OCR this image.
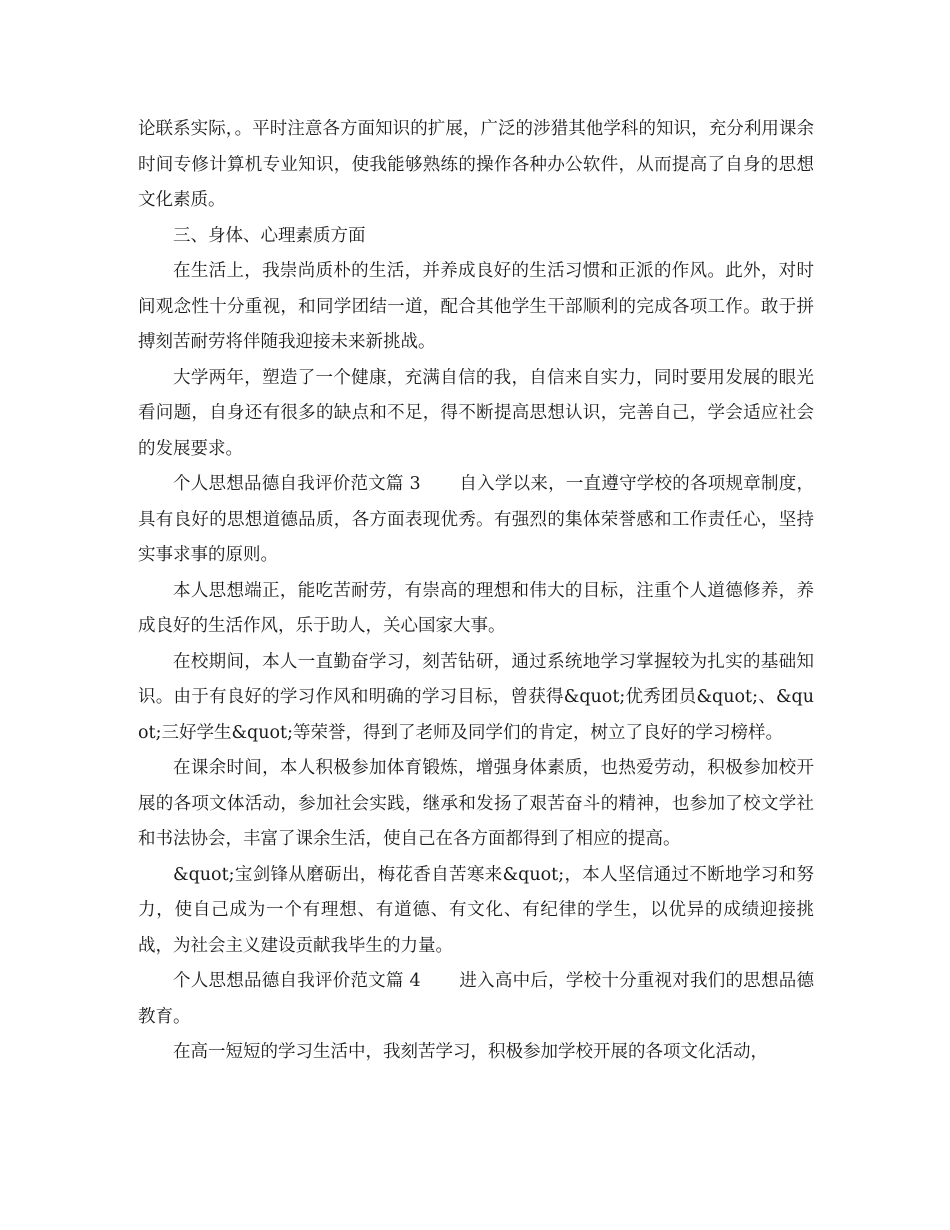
论联系实际，。平时注意各方面知识的扩展，广泛的涉猎其他学科的知识，充分利用课余时间专修计算机专业知识，使我能够熟练的操作各种办公软件，从而提高了自身的思想文化素质。

三、身体、心理素质方面

在生活上，我崇尚质朴的生活，并养成良好的生活习惯和正派的作风。此外，对时间观念性十分重视，和同学团结一道，配合其他学生干部顺利的完成各项工作。敢于拼搏刻苦耐劳将伴随我迎接未来新挑战。

大学两年，塑造了一个健康，充满自信的我，自信来自实力，同时要用发展的眼光看问题，自身还有很多的缺点和不足，得不断提高思想认识，完善自己，学会适应社会的发展要求。

个人思想品德自我评价范文篇 3 自入学以来，一直遵守学校的各项规章制度，具有良好的思想道德品质，各方面表现优秀。有强烈的集体荣誉感和工作责任心，坚持实事求事的原则。

本人思想端正，能吃苦耐劳，有崇高的理想和伟大的目标，注重个人道德修养，养成良好的生活作风，乐于助人，关心国家大事。

在校期间，本人一直勤奋学习，刻苦钻研，通过系统地学习掌握较为扎实的基础知识。由于有良好的学习作风和明确的学习目标，曾获得&quot;优秀团员&quot;、&quot;三好学生&quot;等荣誉，得到了老师及同学们的肯定，树立了良好的学习榜样。

在课余时间，本人积极参加体育锻炼，增强身体素质，也热爱劳动，积极参加校开展的各项文体活动，参加社会实践，继承和发扬了艰苦奋斗的精神，也参加了校文学社和书法协会，丰富了课余生活，使自己在各方面都得到了相应的提高。

&quot;宝剑锋从磨砺出，梅花香自苦寒来&quot;，本人坚信通过不断地学习和努力，使自己成为一个有理想、有道德、有文化、有纪律的学生，以优异的成绩迎接挑战，为社会主义建设贡献我毕生的力量。

个人思想品德自我评价范文篇 4 进入高中后，学校十分重视对我们的思想品德教育。

在高一短短的学习生活中，我刻苦学习，积极参加学校开展的各项文化活动，
